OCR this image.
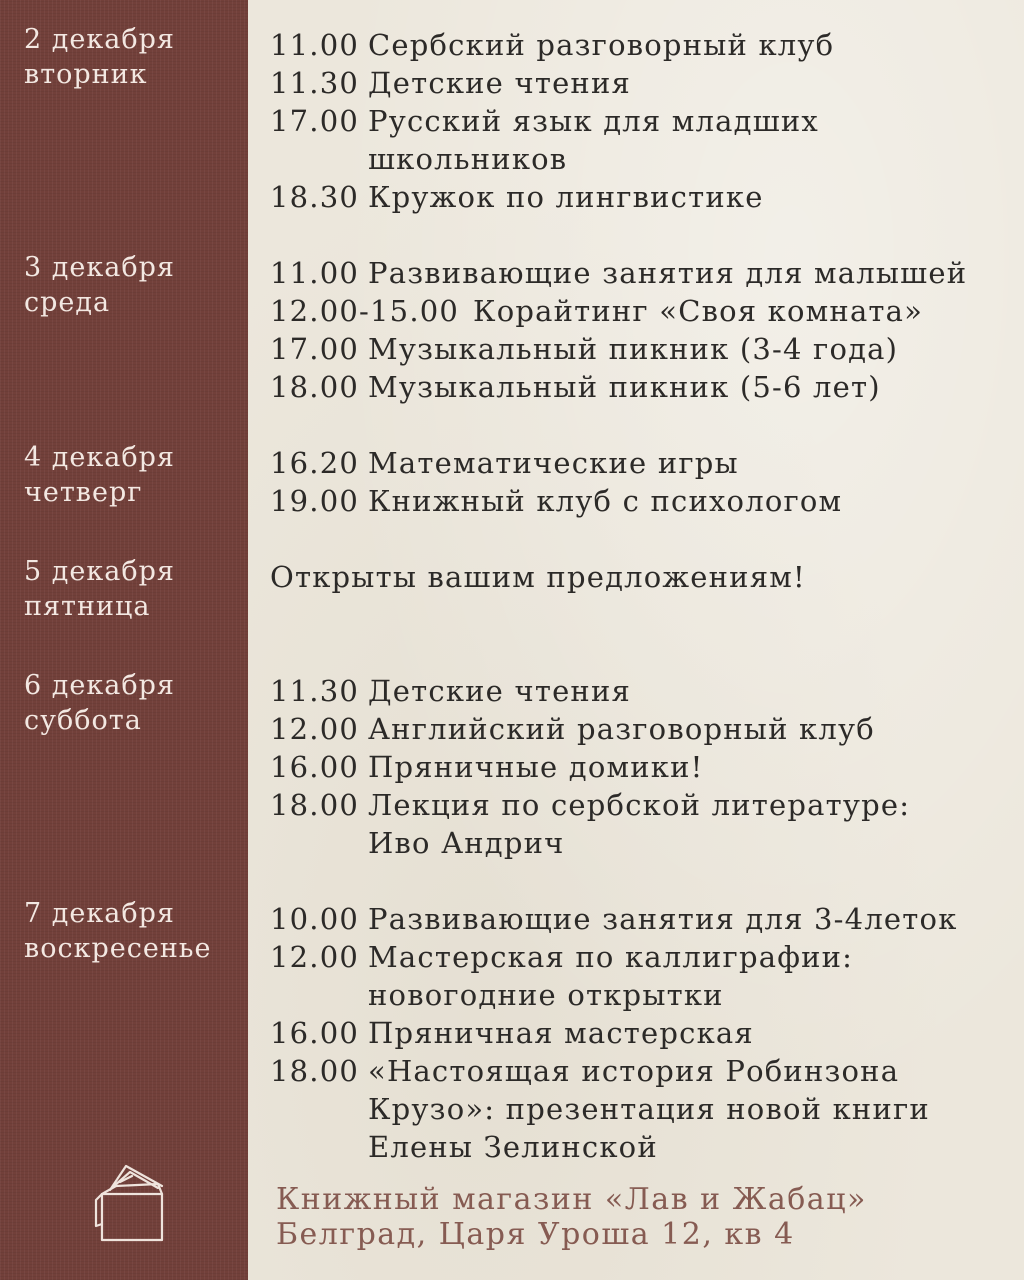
2 декабря
вторник
11.00 Сербский разговорный клуб
11.30 Детские чтения
17.00 Русский язык для младших
школьников
18.30 Кружок по лингвистике
3 декабря
среда
11.00 Развивающие занятия для малышей
12.00-15.00 Корайтинг «Своя комната»
17.00 Музыкальный пикник (3-4 года)
18.00 Музыкальный пикник (5-6 лет)
4 декабря
четверг
16.20 Математические игры
19.00 Книжный клуб с психологом
5 декабря
пятница
Открыты вашим предложениям!
6 декабря
суббота
11.30 Детские чтения
12.00 Английский разговорный клуб
16.00 Пряничные домики!
18.00 Лекция по сербской литературе:
Иво Андрич
7 декабря
воскресенье
10.00 Развивающие занятия для 3-4леток
12.00 Мастерская по каллиграфии:
новогодние открытки
16.00 Пряничная мастерская
18.00 «Настоящая история Робинзона
Крузо»: презентация новой книги
Елены Зелинской
Книжный магазин «Лав и Жабац»
Белград, Царя Уроша 12, кв 4
